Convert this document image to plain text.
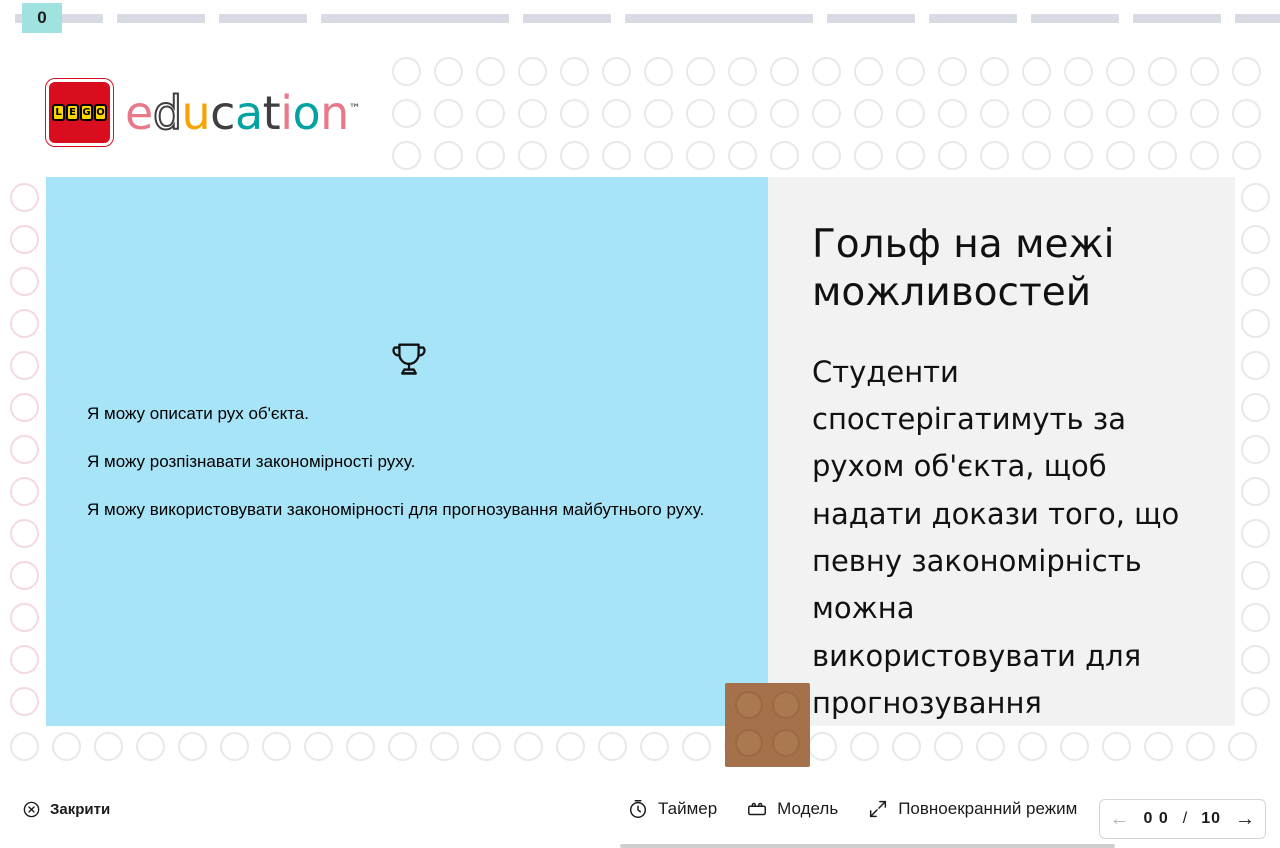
0
L E G O education™

Я можу описати рух об'єкта.

Я можу розпізнавати закономірності руху.

Я можу використовувати закономірності для прогнозування майбутнього руху.

Гольф на межі можливостей
Студенти спостерігатимуть за рухом об'єкта, щоб надати докази того, що певну закономірність можна використовувати для прогнозування
Закрити	Таймер	Модель	Повноекранний режим ← 0 0 / 10 →
